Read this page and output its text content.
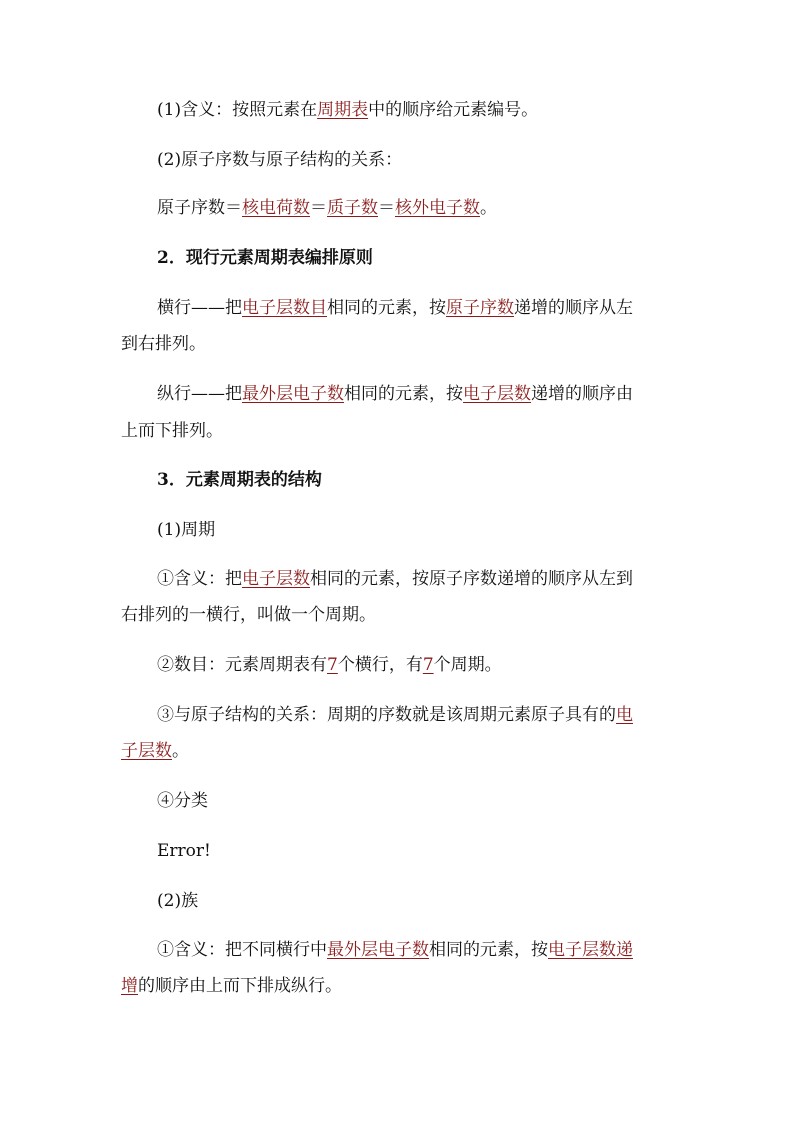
(1)含义：按照元素在周期表中的顺序给元素编号。
(2)原子序数与原子结构的关系：
原子序数＝核电荷数＝质子数＝核外电子数。
2．现行元素周期表编排原则
横行——把电子层数目相同的元素，按原子序数递增的顺序从左
到右排列。
纵行——把最外层电子数相同的元素，按电子层数递增的顺序由
上而下排列。
3．元素周期表的结构
(1)周期
①含义：把电子层数相同的元素，按原子序数递增的顺序从左到
右排列的一横行，叫做一个周期。
②数目：元素周期表有7个横行，有7个周期。
③与原子结构的关系：周期的序数就是该周期元素原子具有的电
子层数。
④分类
Error!
(2)族
①含义：把不同横行中最外层电子数相同的元素，按电子层数递
增的顺序由上而下排成纵行。
